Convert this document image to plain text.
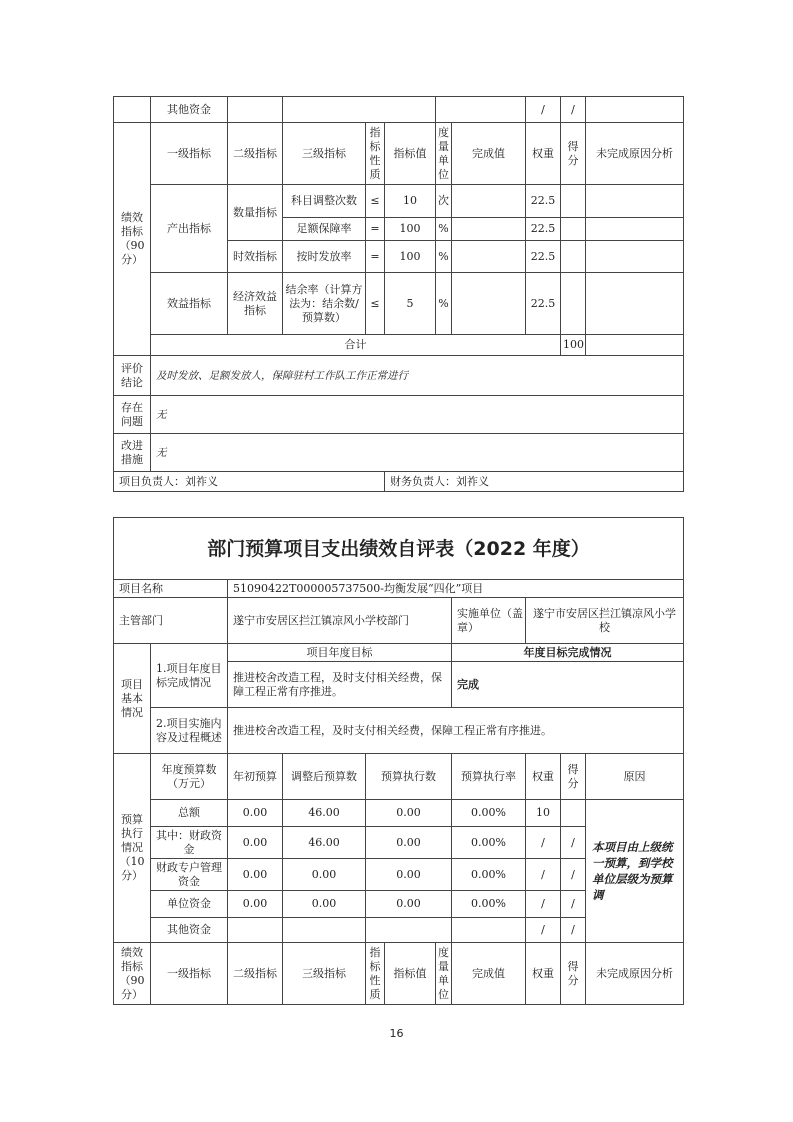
	其他资金							/	/		
绩效指标（90分）	一级指标	二级指标	三级指标	指标性质	指标值	度量单位	完成值	权重	得分	未完成原因分析	
	产出指标	数量指标	科目调整次数	≤	10	次		22.5			
			足额保障率	=	100	%		22.5			
		时效指标	按时发放率	=	100	%		22.5			
	效益指标	经济效益指标	结余率（计算方法为：结余数/预算数）	≤	5	%		22.5			
	合计								100		
评价结论	及时发放、足额发放人，保障驻村工作队工作正常进行										
存在问题	无										
改进措施	无										
项目负责人：刘祚义					财务负责人：刘祚义						
部门预算项目支出绩效自评表（2022 年度）										
项目名称		51090422T000005737500-均衡发展“四化”项目								
主管部门		遂宁市安居区拦江镇凉风小学校部门					实施单位（盖章）	遂宁市安居区拦江镇凉风小学校		
项目基本情况	1.项目年度目标完成情况	项目年度目标					年度目标完成情况			
		推进校舍改造工程，及时支付相关经费，保障工程正常有序推进。					完成			
	2.项目实施内容及过程概述	推进校舍改造工程，及时支付相关经费，保障工程正常有序推进。								
预算执行情况（10分）	年度预算数（万元）	年初预算	调整后预算数	预算执行数			预算执行率	权重	得分	原因
	总额	0.00	46.00	0.00			0.00%	10		本项目由上级统一预算，到学校单位层级为预算调
	其中：财政资金	0.00	46.00	0.00			0.00%	/	/	
	财政专户管理资金	0.00	0.00	0.00			0.00%	/	/	
	单位资金	0.00	0.00	0.00			0.00%	/	/	
	其他资金							/	/	
绩效指标（90分）	一级指标	二级指标	三级指标	指标性质	指标值	度量单位	完成值	权重	得分	未完成原因分析
16
